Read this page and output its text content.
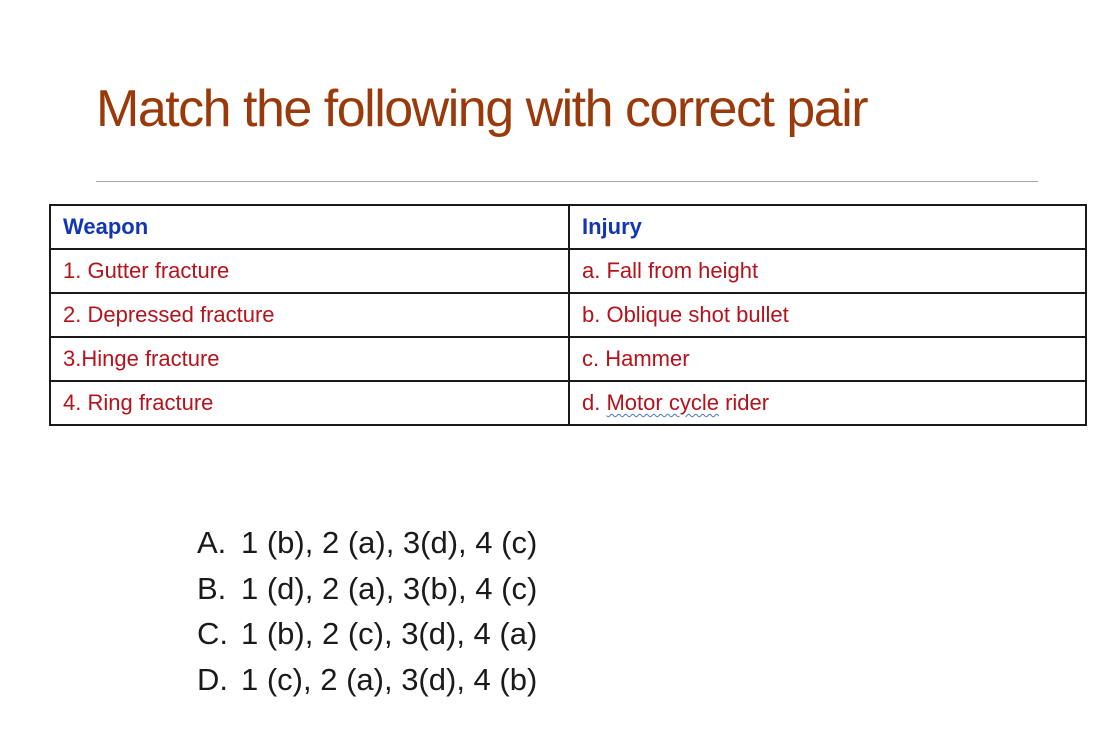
Match the following with correct pair
Weapon	Injury
1. Gutter fracture	a. Fall from height
2. Depressed fracture	b. Oblique shot bullet
3.Hinge fracture	c. Hammer
4. Ring fracture	d. Motor cycle rider
A. 1 (b), 2 (a), 3(d), 4 (c)
B. 1 (d), 2 (a), 3(b), 4 (c)
C. 1 (b), 2 (c), 3(d), 4 (a)
D. 1 (c), 2 (a), 3(d), 4 (b)
